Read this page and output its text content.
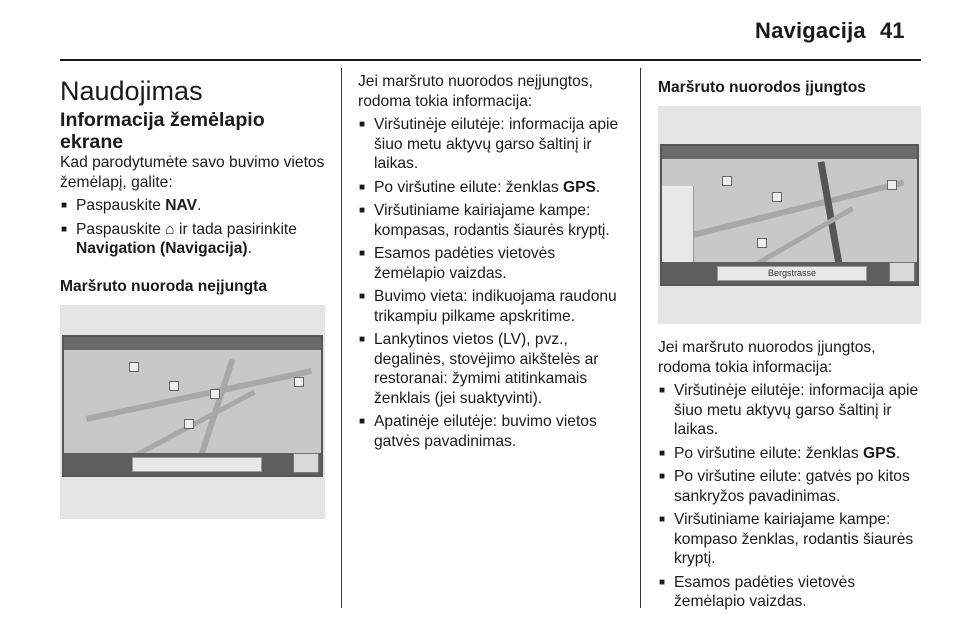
Navigacija 41
Naudojimas
Informacija žemėlapio ekrane

Kad parodytumėte savo buvimo vietos žemėlapį, galite:

■ Paspauskite NAV.
■ Paspauskite ⌂ ir tada pasirinkite Navigation (Navigacija).
Maršruto nuoroda neįjungta

Jei maršruto nuorodos neįjungtos, rodoma tokia informacija:

■ Viršutinėje eilutėje: informacija apie šiuo metu aktyvų garso šaltinį ir laikas.
■ Po viršutine eilute: ženklas GPS.
■ Viršutiniame kairiajame kampe: kompasas, rodantis šiaurės kryptį.
■ Esamos padėties vietovės žemėlapio vaizdas.
■ Buvimo vieta: indikuojama raudonu trikampiu pilkame apskritime.
■ Lankytinos vietos (LV), pvz., degalinės, stovėjimo aikštelės ar restoranai: žymimi atitinkamais ženklais (jei suaktyvinti).
■ Apatinėje eilutėje: buvimo vietos gatvės pavadinimas.
Maršruto nuorodos įjungtos
Bergstrasse

Jei maršruto nuorodos įjungtos, rodoma tokia informacija:

■ Viršutinėje eilutėje: informacija apie šiuo metu aktyvų garso šaltinį ir laikas.
■ Po viršutine eilute: ženklas GPS.
■ Po viršutine eilute: gatvės po kitos sankryžos pavadinimas.
■ Viršutiniame kairiajame kampe: kompaso ženklas, rodantis šiaurės kryptį.
■ Esamos padėties vietovės žemėlapio vaizdas.
